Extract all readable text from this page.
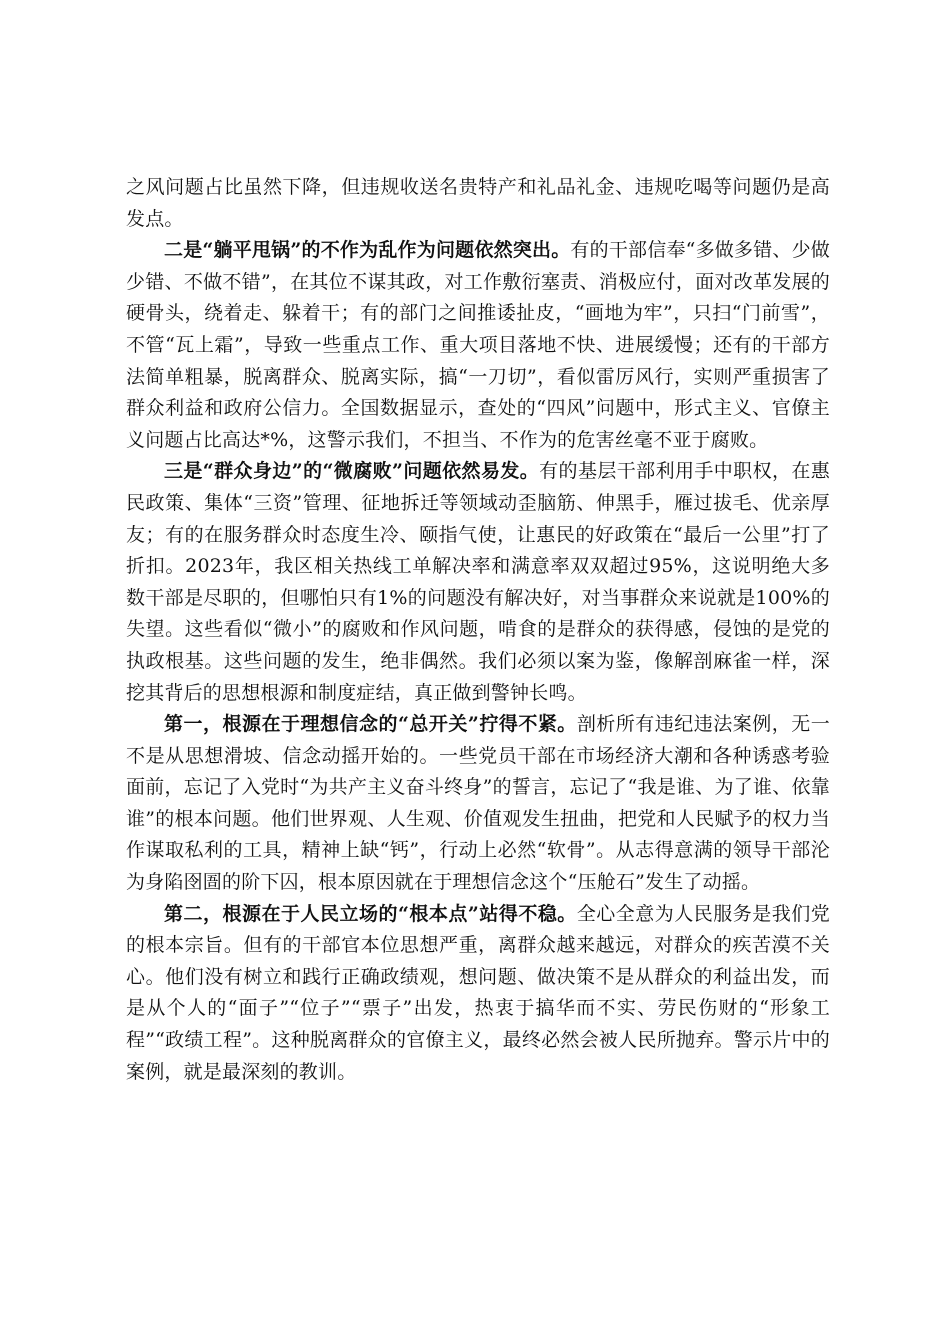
之风问题占比虽然下降，但违规收送名贵特产和礼品礼金、违规吃喝等问题仍是高发点。

二是“躺平甩锅”的不作为乱作为问题依然突出。有的干部信奉“多做多错、少做少错、不做不错”，在其位不谋其政，对工作敷衍塞责、消极应付，面对改革发展的硬骨头，绕着走、躲着干；有的部门之间推诿扯皮，“画地为牢”，只扫“门前雪”，不管“瓦上霜”，导致一些重点工作、重大项目落地不快、进展缓慢；还有的干部方法简单粗暴，脱离群众、脱离实际，搞“一刀切”，看似雷厉风行，实则严重损害了群众利益和政府公信力。全国数据显示，查处的“四风”问题中，形式主义、官僚主义问题占比高达*%，这警示我们，不担当、不作为的危害丝毫不亚于腐败。

三是“群众身边”的“微腐败”问题依然易发。有的基层干部利用手中职权，在惠民政策、集体“三资”管理、征地拆迁等领域动歪脑筋、伸黑手，雁过拔毛、优亲厚友；有的在服务群众时态度生冷、颐指气使，让惠民的好政策在“最后一公里”打了折扣。2023年，我区相关热线工单解决率和满意率双双超过95%，这说明绝大多数干部是尽职的，但哪怕只有1%的问题没有解决好，对当事群众来说就是100%的失望。这些看似“微小”的腐败和作风问题，啃食的是群众的获得感，侵蚀的是党的执政根基。这些问题的发生，绝非偶然。我们必须以案为鉴，像解剖麻雀一样，深挖其背后的思想根源和制度症结，真正做到警钟长鸣。

第一，根源在于理想信念的“总开关”拧得不紧。剖析所有违纪违法案例，无一不是从思想滑坡、信念动摇开始的。一些党员干部在市场经济大潮和各种诱惑考验面前，忘记了入党时“为共产主义奋斗终身”的誓言，忘记了“我是谁、为了谁、依靠谁”的根本问题。他们世界观、人生观、价值观发生扭曲，把党和人民赋予的权力当作谋取私利的工具，精神上缺“钙”，行动上必然“软骨”。从志得意满的领导干部沦为身陷囹圄的阶下囚，根本原因就在于理想信念这个“压舱石”发生了动摇。

第二，根源在于人民立场的“根本点”站得不稳。全心全意为人民服务是我们党的根本宗旨。但有的干部官本位思想严重，离群众越来越远，对群众的疾苦漠不关心。他们没有树立和践行正确政绩观，想问题、做决策不是从群众的利益出发，而是从个人的“面子”“位子”“票子”出发，热衷于搞华而不实、劳民伤财的“形象工程”“政绩工程”。这种脱离群众的官僚主义，最终必然会被人民所抛弃。警示片中的案例，就是最深刻的教训。
